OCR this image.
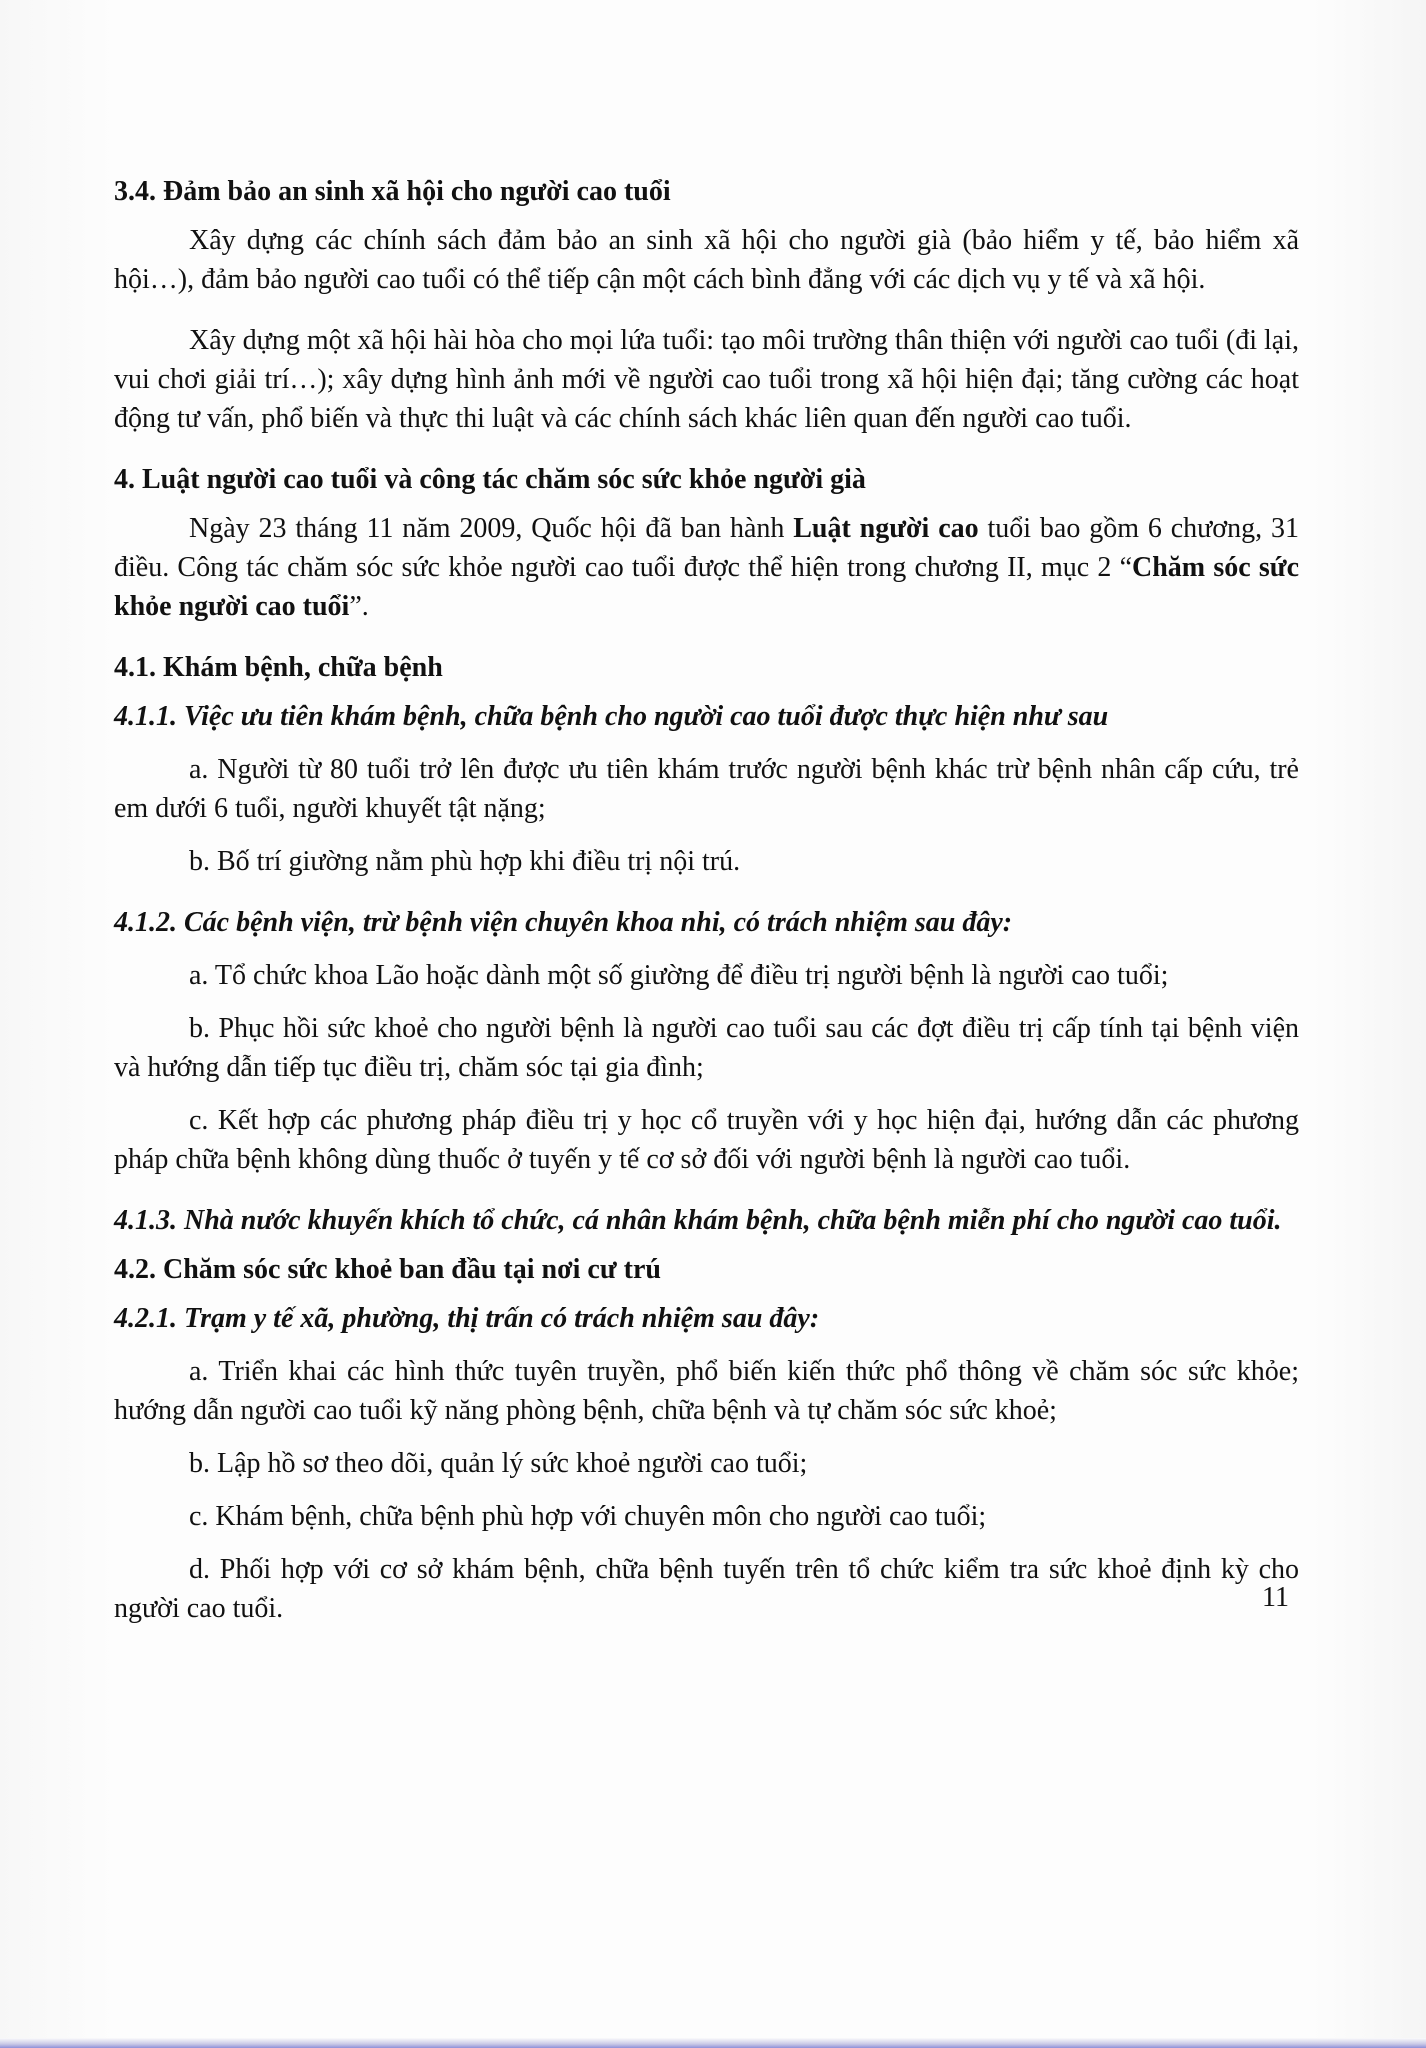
3.4. Đảm bảo an sinh xã hội cho người cao tuổi

Xây dựng các chính sách đảm bảo an sinh xã hội cho người già (bảo hiểm y tế, bảo hiểm xã hội…), đảm bảo người cao tuổi có thể tiếp cận một cách bình đẳng với các dịch vụ y tế và xã hội.

Xây dựng một xã hội hài hòa cho mọi lứa tuổi: tạo môi trường thân thiện với người cao tuổi (đi lại, vui chơi giải trí…); xây dựng hình ảnh mới về người cao tuổi trong xã hội hiện đại; tăng cường các hoạt động tư vấn, phổ biến và thực thi luật và các chính sách khác liên quan đến người cao tuổi.

4. Luật người cao tuổi và công tác chăm sóc sức khỏe người già

Ngày 23 tháng 11 năm 2009, Quốc hội đã ban hành Luật người cao tuổi bao gồm 6 chương, 31 điều. Công tác chăm sóc sức khỏe người cao tuổi được thể hiện trong chương II, mục 2 “Chăm sóc sức khỏe người cao tuổi”.

4.1. Khám bệnh, chữa bệnh

4.1.1. Việc ưu tiên khám bệnh, chữa bệnh cho người cao tuổi được thực hiện như sau

a. Người từ 80 tuổi trở lên được ưu tiên khám trước người bệnh khác trừ bệnh nhân cấp cứu, trẻ em dưới 6 tuổi, người khuyết tật nặng;

b. Bố trí giường nằm phù hợp khi điều trị nội trú.

4.1.2. Các bệnh viện, trừ bệnh viện chuyên khoa nhi, có trách nhiệm sau đây:

a. Tổ chức khoa Lão hoặc dành một số giường để điều trị người bệnh là người cao tuổi;

b. Phục hồi sức khoẻ cho người bệnh là người cao tuổi sau các đợt điều trị cấp tính tại bệnh viện và hướng dẫn tiếp tục điều trị, chăm sóc tại gia đình;

c. Kết hợp các phương pháp điều trị y học cổ truyền với y học hiện đại, hướng dẫn các phương pháp chữa bệnh không dùng thuốc ở tuyến y tế cơ sở đối với người bệnh là người cao tuổi.

4.1.3. Nhà nước khuyến khích tổ chức, cá nhân khám bệnh, chữa bệnh miễn phí cho người cao tuổi.

4.2. Chăm sóc sức khoẻ ban đầu tại nơi cư trú

4.2.1. Trạm y tế xã, phường, thị trấn có trách nhiệm sau đây:

a. Triển khai các hình thức tuyên truyền, phổ biến kiến thức phổ thông về chăm sóc sức khỏe; hướng dẫn người cao tuổi kỹ năng phòng bệnh, chữa bệnh và tự chăm sóc sức khoẻ;

b. Lập hồ sơ theo dõi, quản lý sức khoẻ người cao tuổi;

c. Khám bệnh, chữa bệnh phù hợp với chuyên môn cho người cao tuổi;

d. Phối hợp với cơ sở khám bệnh, chữa bệnh tuyến trên tổ chức kiểm tra sức khoẻ định kỳ cho người cao tuổi.	11
